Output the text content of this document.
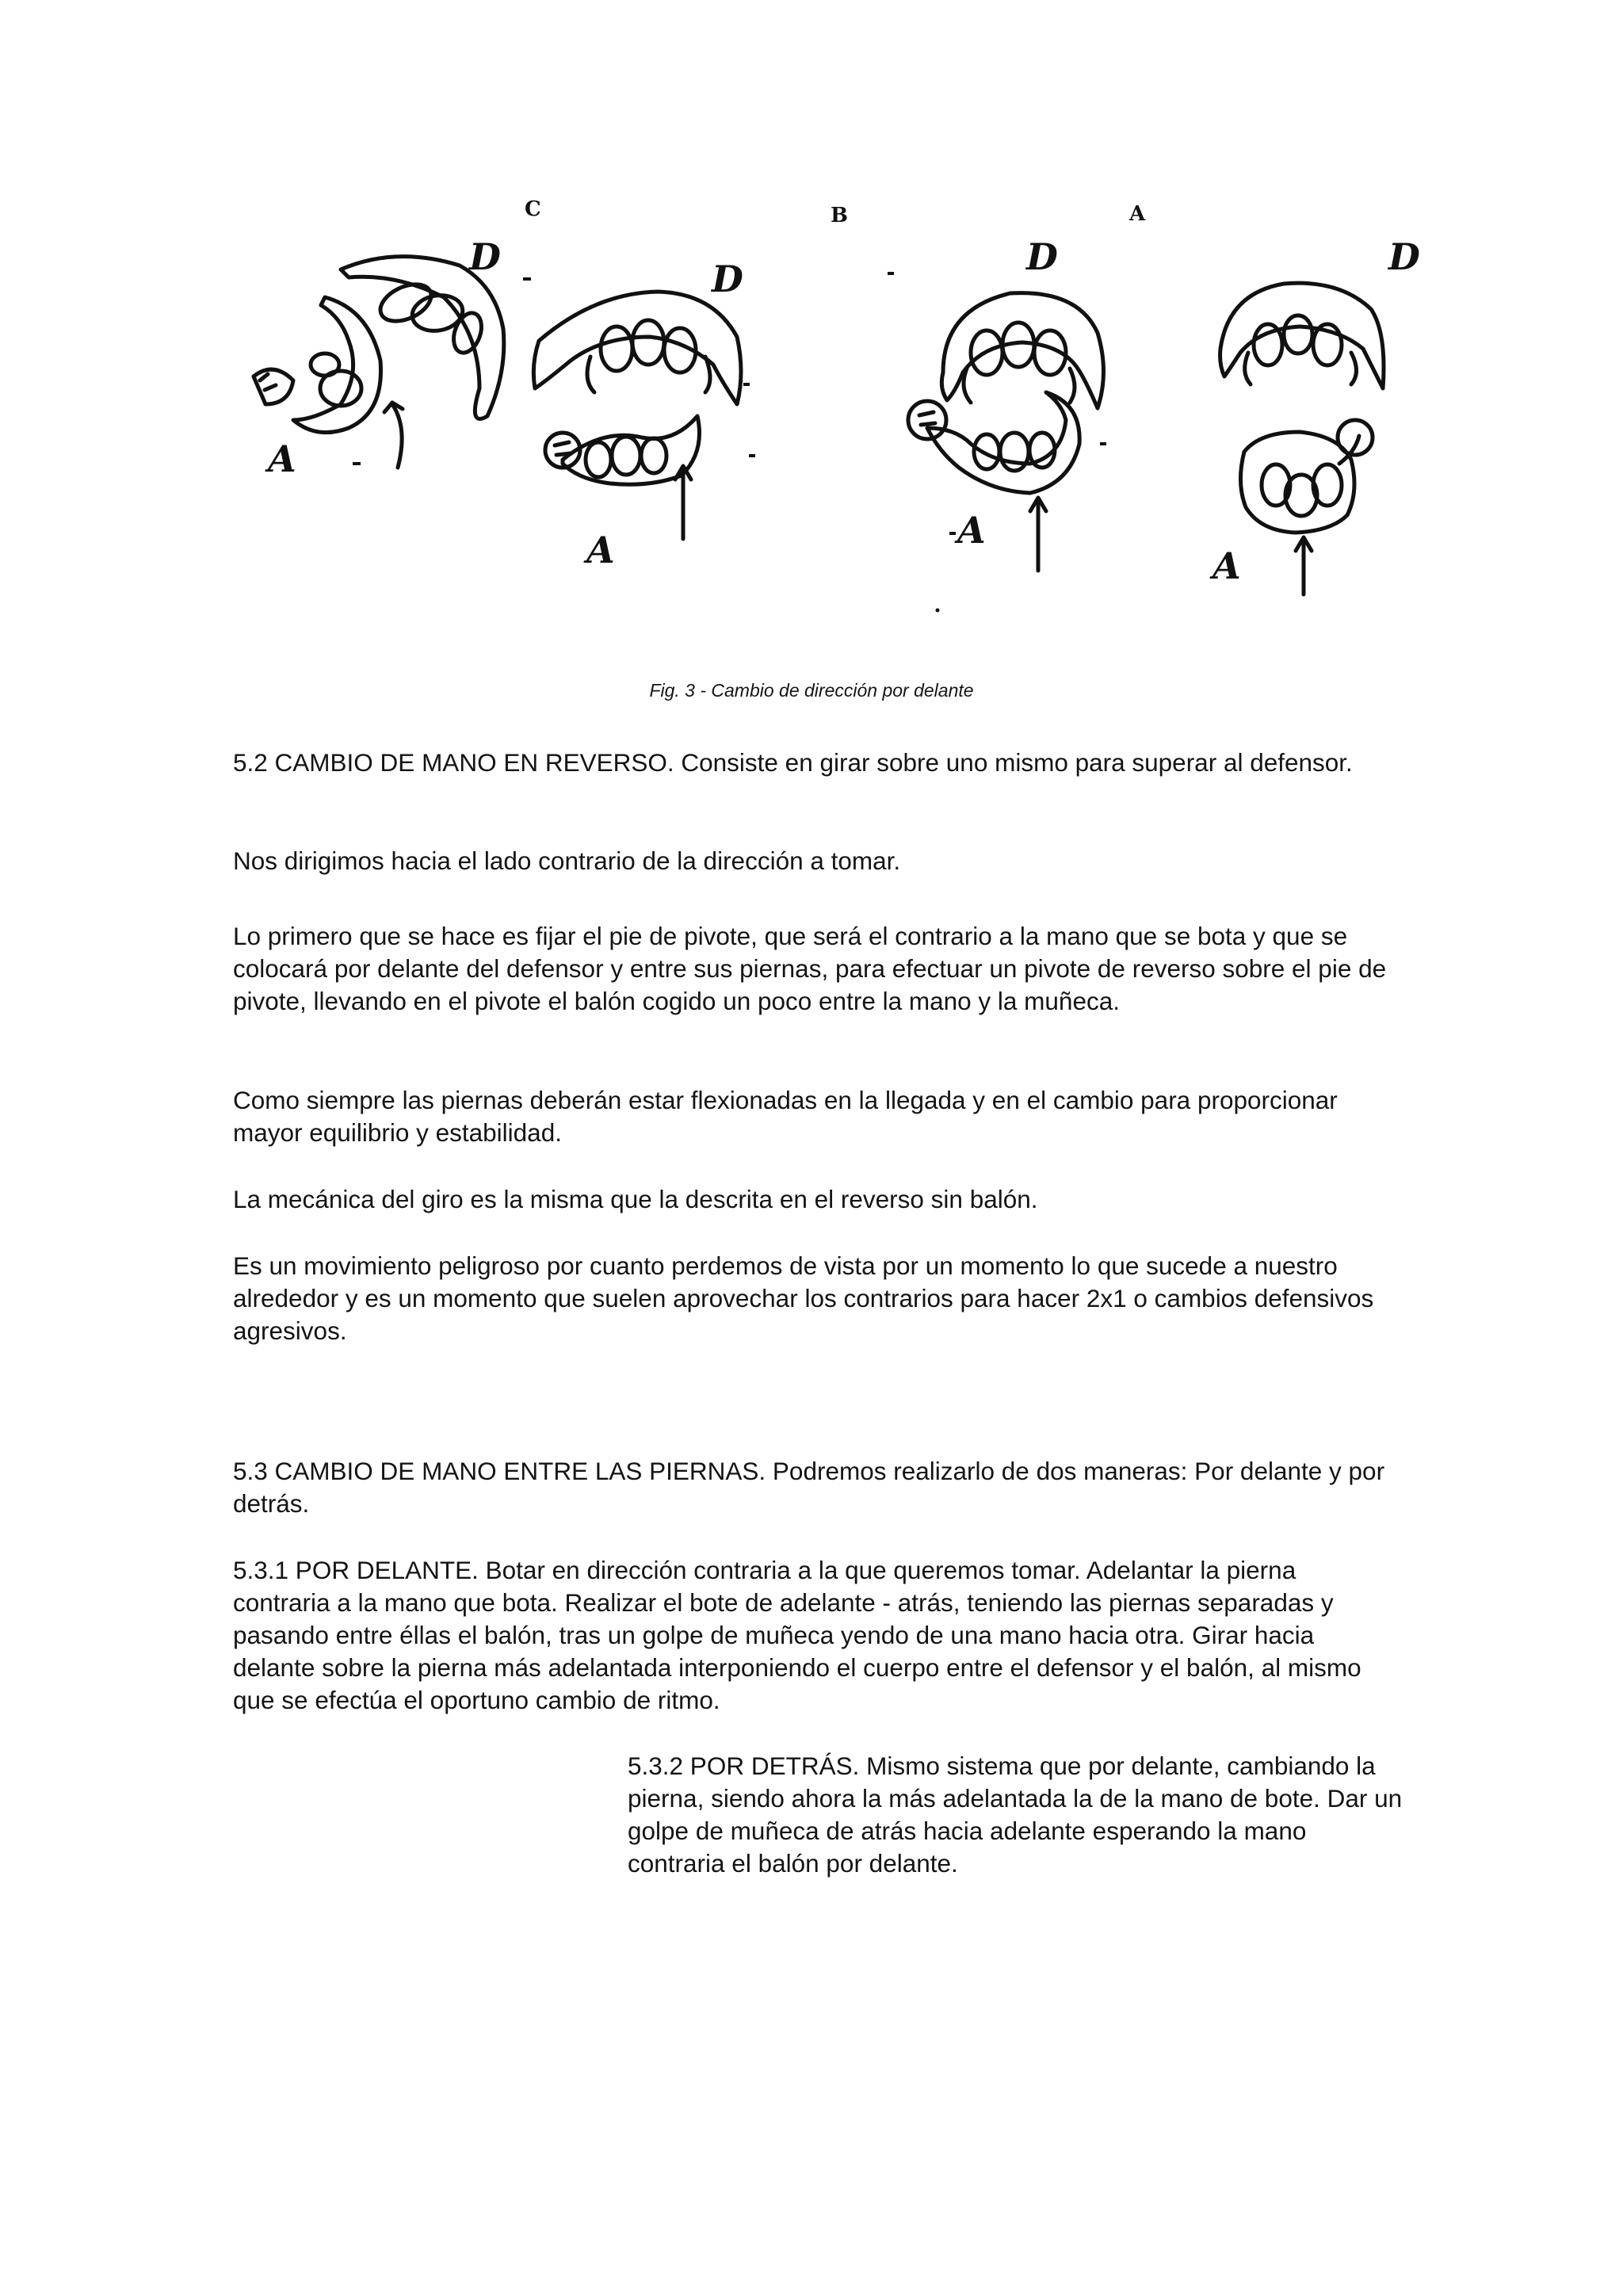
C	B	A
D
D
D	D
A
A	A
A
Fig. 3 - Cambio de dirección por delante

5.2 CAMBIO DE MANO EN REVERSO. Consiste en girar sobre uno mismo para superar al defensor.

Nos dirigimos hacia el lado contrario de la dirección a tomar.

Lo primero que se hace es fijar el pie de pivote, que será el contrario a la mano que se bota y que se colocará por delante del defensor y entre sus piernas, para efectuar un pivote de reverso sobre el pie de pivote, llevando en el pivote el balón cogido un poco entre la mano y la muñeca.

Como siempre las piernas deberán estar flexionadas en la llegada y en el cambio para proporcionar mayor equilibrio y estabilidad.

La mecánica del giro es la misma que la descrita en el reverso sin balón.

Es un movimiento peligroso por cuanto perdemos de vista por un momento lo que sucede a nuestro alrededor y es un momento que suelen aprovechar los contrarios para hacer 2x1 o cambios defensivos agresivos.

5.3 CAMBIO DE MANO ENTRE LAS PIERNAS. Podremos realizarlo de dos maneras: Por delante y por detrás.

5.3.1 POR DELANTE. Botar en dirección contraria a la que queremos tomar. Adelantar la pierna contraria a la mano que bota. Realizar el bote de adelante - atrás, teniendo las piernas separadas y pasando entre éllas el balón, tras un golpe de muñeca yendo de una mano hacia otra. Girar hacia delante sobre la pierna más adelantada interponiendo el cuerpo entre el defensor y el balón, al mismo que se efectúa el oportuno cambio de ritmo.

5.3.2 POR DETRÁS. Mismo sistema que por delante, cambiando la pierna, siendo ahora la más adelantada la de la mano de bote. Dar un golpe de muñeca de atrás hacia adelante esperando la mano contraria el balón por delante.
